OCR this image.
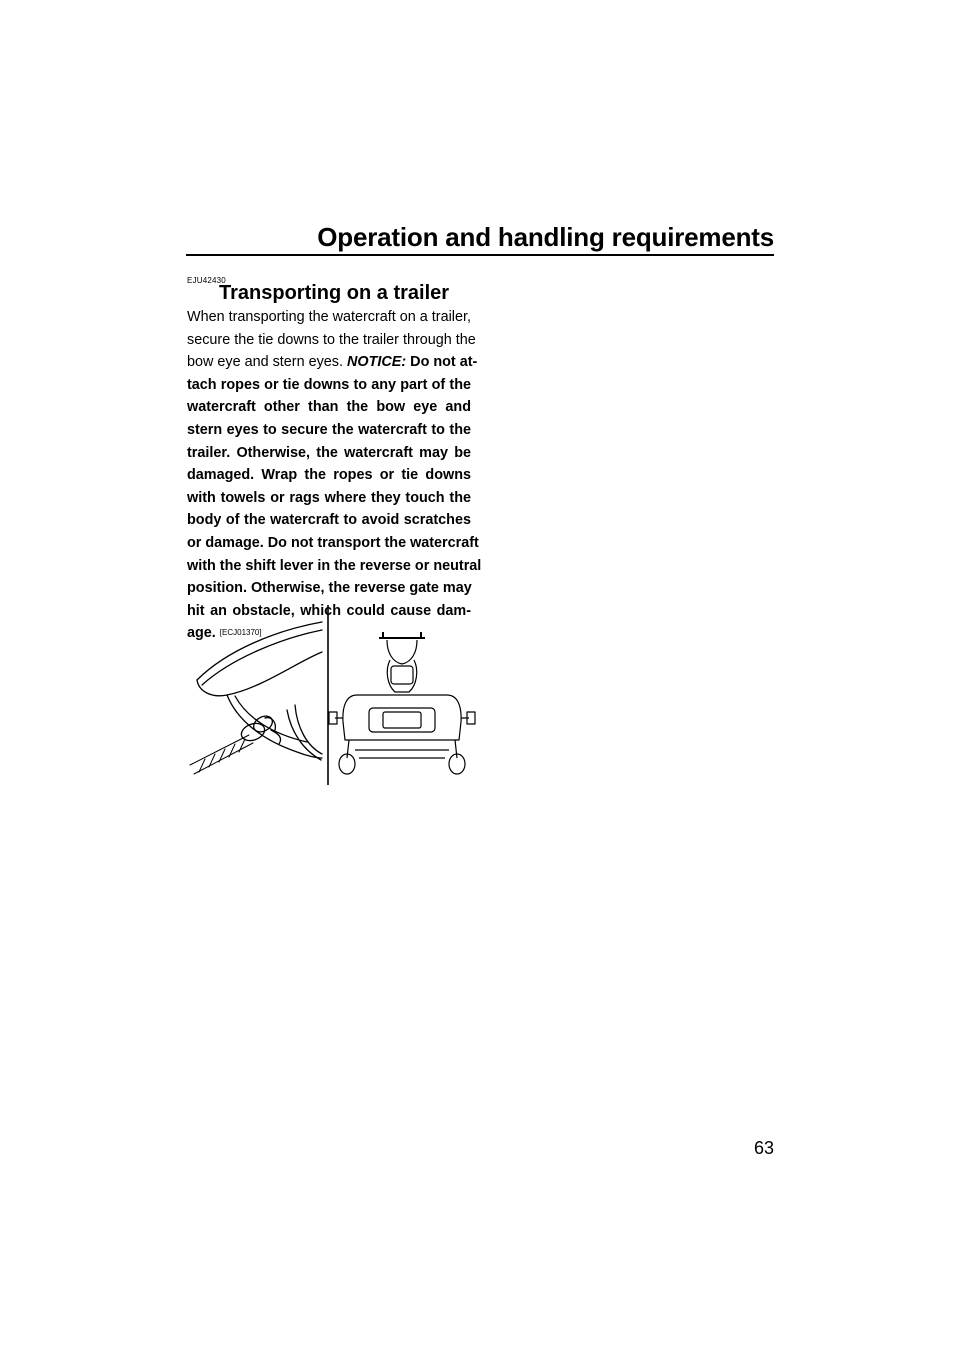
Operation and handling requirements
EJU42430
Transporting on a trailer
When transporting the watercraft on a trailer,
secure the tie downs to the trailer through the
bow eye and stern eyes. NOTICE: Do not at-
tach ropes or tie downs to any part of the
watercraft other than the bow eye and
stern eyes to secure the watercraft to the
trailer. Otherwise, the watercraft may be
damaged. Wrap the ropes or tie downs
with towels or rags where they touch the
body of the watercraft to avoid scratches
or damage. Do not transport the watercraft
with the shift lever in the reverse or neutral
position. Otherwise, the reverse gate may
hit an obstacle, which could cause dam-
age. [ECJ01370]
63
